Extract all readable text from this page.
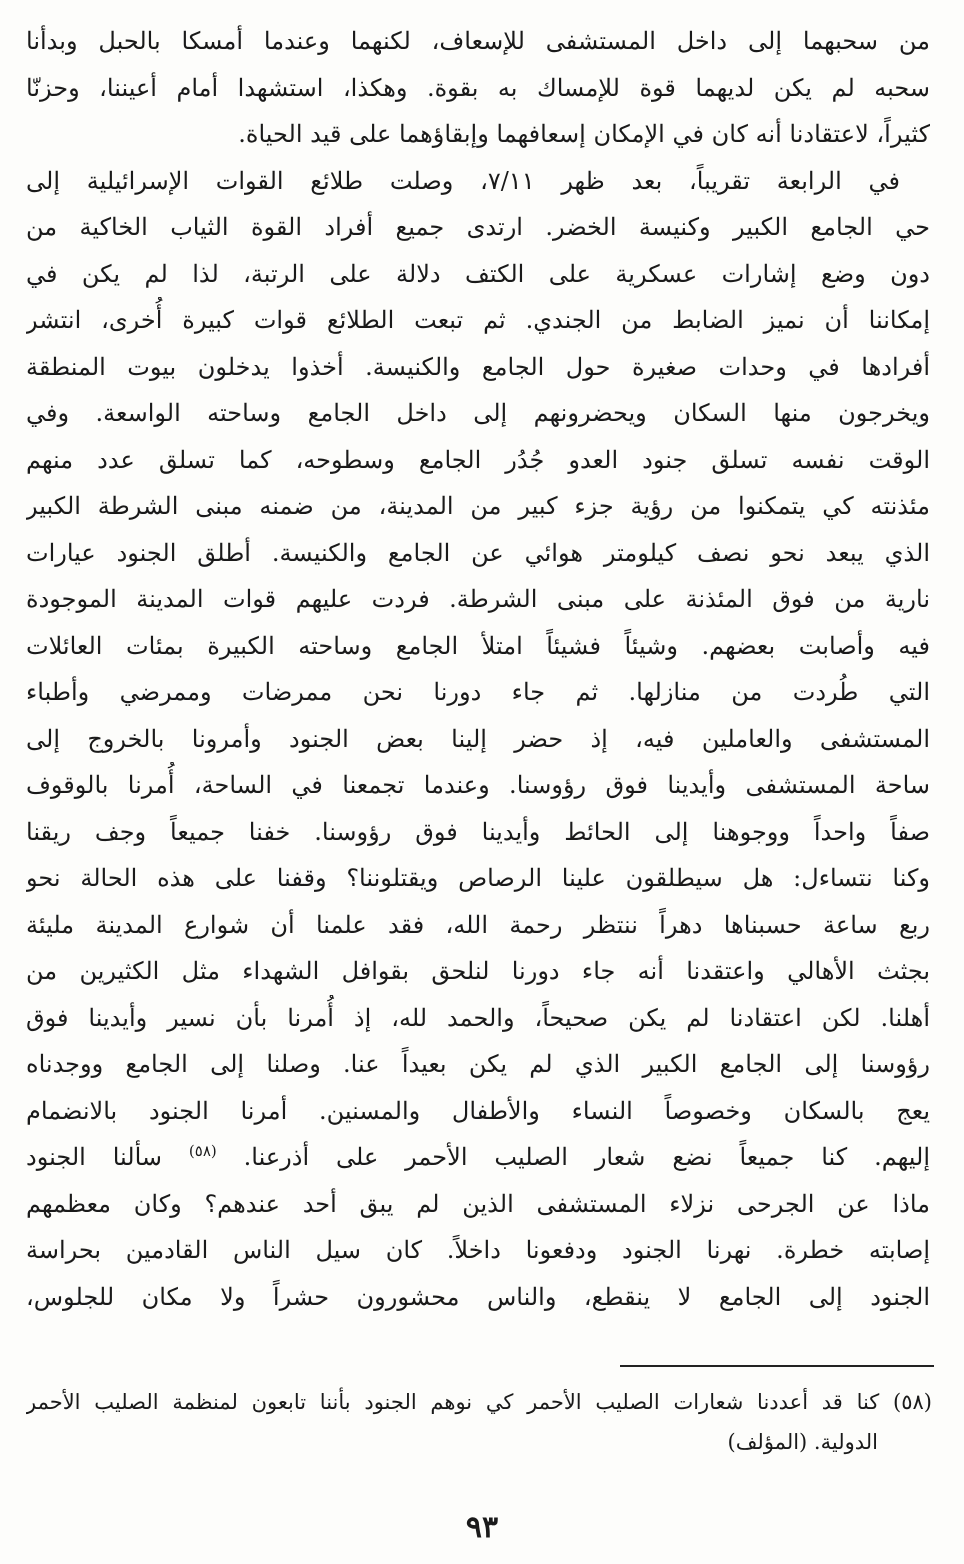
من سحبهما إلى داخل المستشفى للإسعاف، لكنهما وعندما أمسكا بالحبل وبدأنا
سحبه لم يكن لديهما قوة للإمساك به بقوة. وهكذا، استشهدا أمام أعيننا، وحزنّا
كثيراً، لاعتقادنا أنه كان في الإمكان إسعافهما وإبقاؤهما على قيد الحياة.
في الرابعة تقريباً، بعد ظهر ٧/١١، وصلت طلائع القوات الإسرائيلية إلى
حي الجامع الكبير وكنيسة الخضر. ارتدى جميع أفراد القوة الثياب الخاكية من
دون وضع إشارات عسكرية على الكتف دلالة على الرتبة، لذا لم يكن في
إمكاننا أن نميز الضابط من الجندي. ثم تبعت الطلائع قوات كبيرة أُخرى، انتشر
أفرادها في وحدات صغيرة حول الجامع والكنيسة. أخذوا يدخلون بيوت المنطقة
ويخرجون منها السكان ويحضرونهم إلى داخل الجامع وساحته الواسعة. وفي
الوقت نفسه تسلق جنود العدو جُدُر الجامع وسطوحه، كما تسلق عدد منهم
مئذنته كي يتمكنوا من رؤية جزء كبير من المدينة، من ضمنه مبنى الشرطة الكبير
الذي يبعد نحو نصف كيلومتر هوائي عن الجامع والكنيسة. أطلق الجنود عيارات
نارية من فوق المئذنة على مبنى الشرطة. فردت عليهم قوات المدينة الموجودة
فيه وأصابت بعضهم. وشيئاً فشيئاً امتلأ الجامع وساحته الكبيرة بمئات العائلات
التي طُردت من منازلها. ثم جاء دورنا نحن ممرضات وممرضي وأطباء
المستشفى والعاملين فيه، إذ حضر إلينا بعض الجنود وأمرونا بالخروج إلى
ساحة المستشفى وأيدينا فوق رؤوسنا. وعندما تجمعنا في الساحة، أُمرنا بالوقوف
صفاً واحداً ووجوهنا إلى الحائط وأيدينا فوق رؤوسنا. خفنا جميعاً وجف ريقنا
وكنا نتساءل: هل سيطلقون علينا الرصاص ويقتلوننا؟ وقفنا على هذه الحالة نحو
ربع ساعة حسبناها دهراً ننتظر رحمة الله، فقد علمنا أن شوارع المدينة مليئة
بجثث الأهالي واعتقدنا أنه جاء دورنا لنلحق بقوافل الشهداء مثل الكثيرين من
أهلنا. لكن اعتقادنا لم يكن صحيحاً، والحمد لله، إذ أُمرنا بأن نسير وأيدينا فوق
رؤوسنا إلى الجامع الكبير الذي لم يكن بعيداً عنا. وصلنا إلى الجامع ووجدناه
يعج بالسكان وخصوصاً النساء والأطفال والمسنين. أمرنا الجنود بالانضمام
إليهم. كنا جميعاً نضع شعار الصليب الأحمر على أذرعنا. $^{(٥٨)}$ سألنا الجنود
ماذا عن الجرحى نزلاء المستشفى الذين لم يبق أحد عندهم؟ وكان معظمهم
إصابته خطرة. نهرنا الجنود ودفعونا داخلاً. كان سيل الناس القادمين بحراسة
الجنود إلى الجامع لا ينقطع، والناس محشورون حشراً ولا مكان للجلوس،
(٥٨) كنا قد أعددنا شعارات الصليب الأحمر كي نوهم الجنود بأننا تابعون لمنظمة الصليب الأحمر
الدولية. (المؤلف)
٩٣
